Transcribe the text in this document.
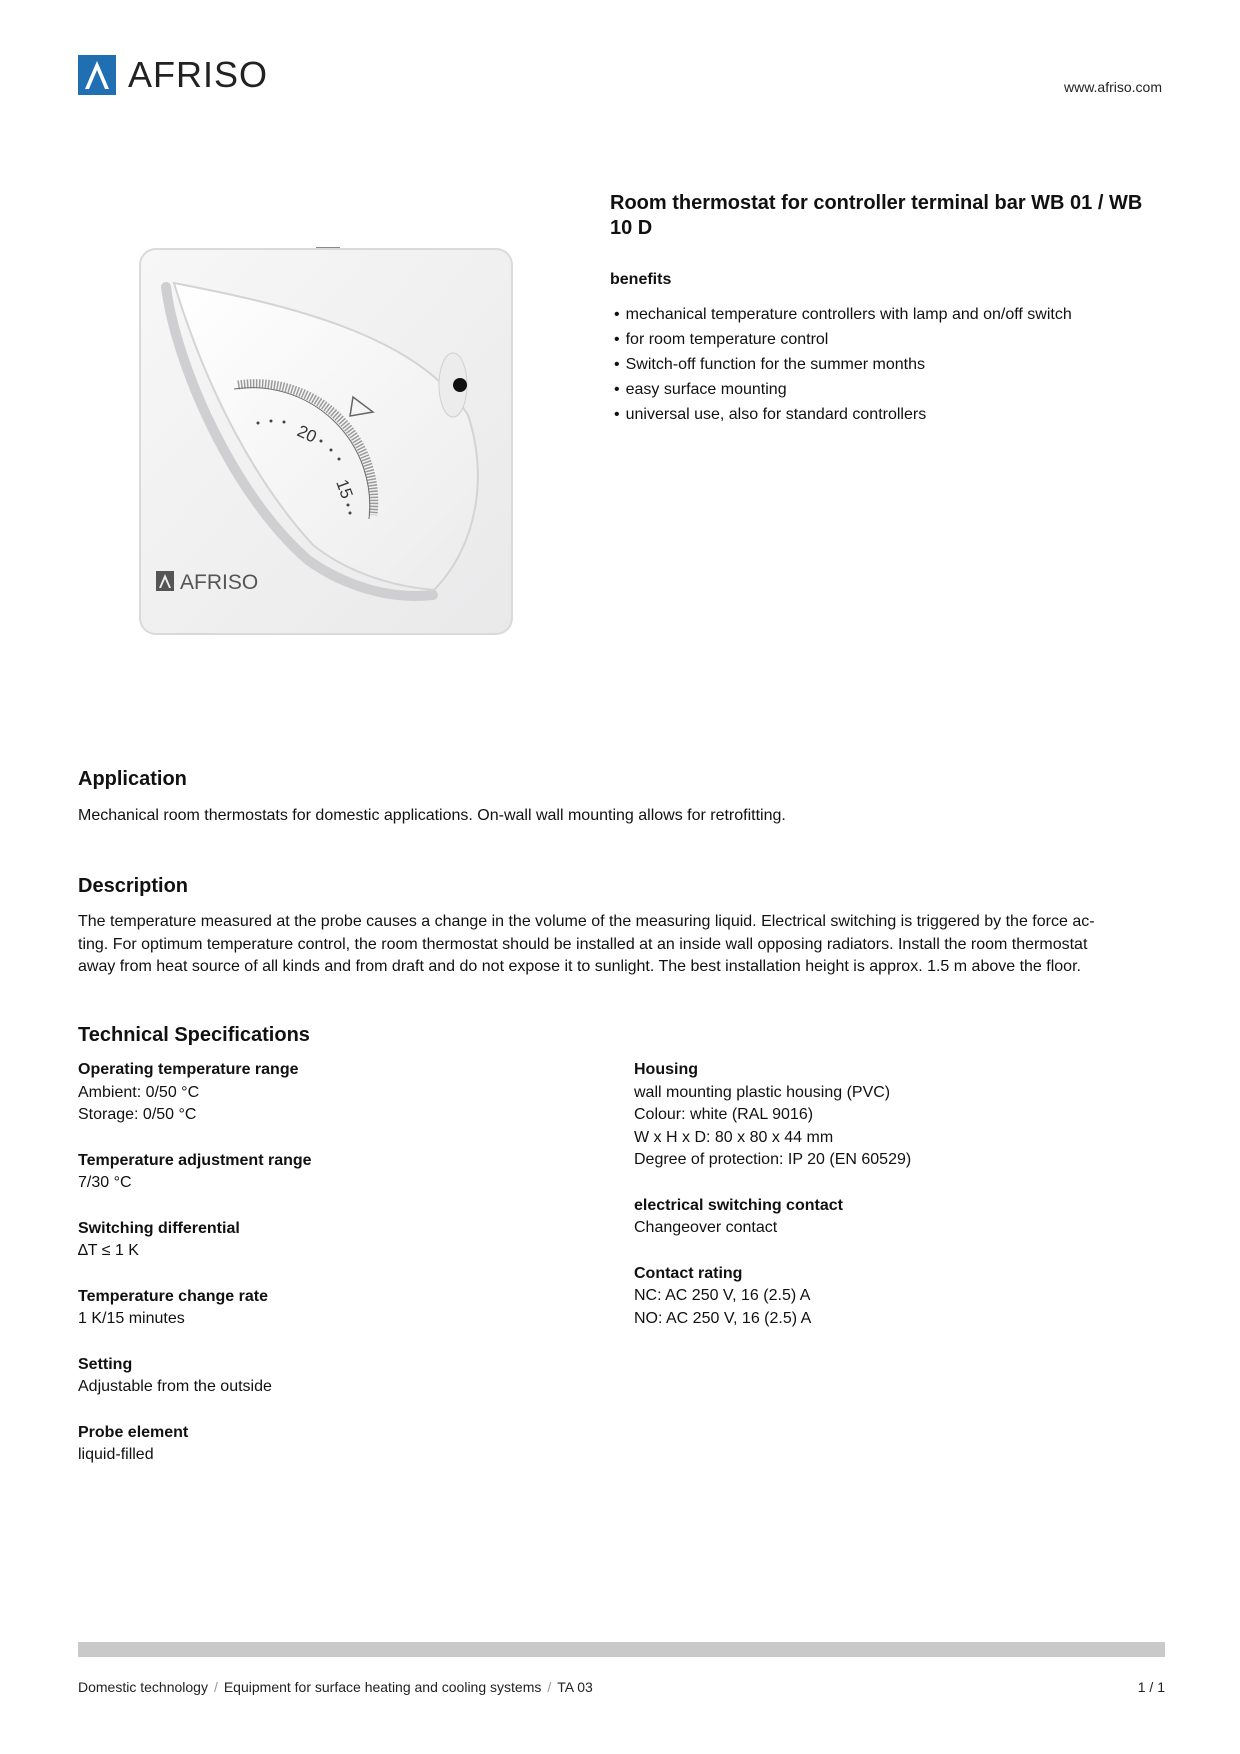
AFRISO	www.afriso.com
20
15
AFRISO
Room thermostat for controller terminal bar WB 01 / WB 10 D
benefits
• mechanical temperature controllers with lamp and on/off switch
• for room temperature control
• Switch-off function for the summer months
• easy surface mounting
• universal use, also for standard controllers
Application
Mechanical room thermostats for domestic applications. On-wall wall mounting allows for retrofitting.
Description
The temperature measured at the probe causes a change in the volume of the measuring liquid. Electrical switching is triggered by the force ac-
ting. For optimum temperature control, the room thermostat should be installed at an inside wall opposing radiators. Install the room thermostat
away from heat source of all kinds and from draft and do not expose it to sunlight. The best installation height is approx. 1.5 m above the floor.
Technical Specifications
Operating temperature range
Ambient: 0/50 °C
Storage: 0/50 °C
Temperature adjustment range
7/30 °C
Switching differential
∆T ≤ 1 K
Temperature change rate
1 K/15 minutes
Setting
Adjustable from the outside
Probe element
liquid-filled
Housing
wall mounting plastic housing (PVC)
Colour: white (RAL 9016)
W x H x D: 80 x 80 x 44 mm
Degree of protection: IP 20 (EN 60529)
electrical switching contact
Changeover contact
Contact rating
NC: AC 250 V, 16 (2.5) A
NO: AC 250 V, 16 (2.5) A
Domestic technology / Equipment for surface heating and cooling systems / TA 03	1 / 1
